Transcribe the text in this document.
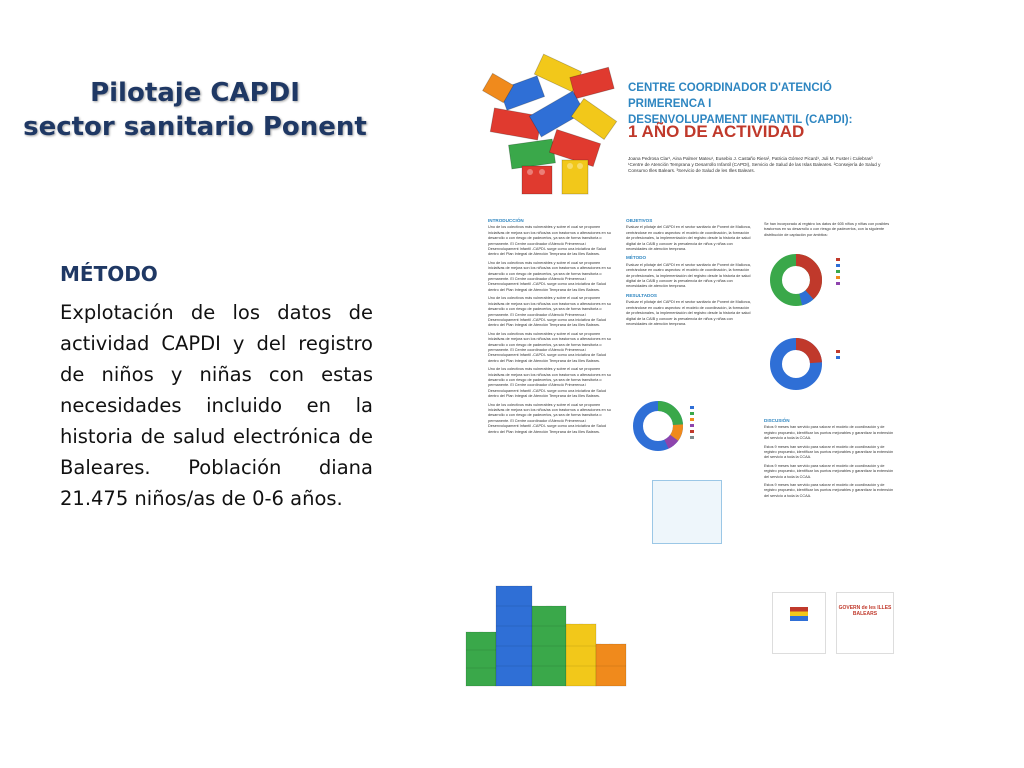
Pilotaje CAPDI
sector sanitario Ponent
MÉTODO
Explotación de los datos de actividad CAPDI y del registro de niños y niñas con estas necesidades incluido en la historia de salud electrónica de Baleares. Población diana 21.475 niños/as de 0-6 años.
CENTRE COORDINADOR D'ATENCIÓ PRIMERENCA I
DESENVOLUPAMENT INFANTIL (CAPDI):
1 AÑO DE ACTIVIDAD
Joana Pedrosa Clar¹, Aina Palmer Mateu¹, Eusebio J. Castaño Riera², Patricia Gómez Picard¹, Juli M. Fuster i Culebras³
¹Centre de Atención Temprana y Desarrollo Infantil (CAPDI), Servicio de Salud de las Islas Baleares. ²Consejería de Salud y Consumo Illes Balears. ³Servicio de Salud de les Illes Balears.
INTRODUCCIÓN

Uno de los colectivos más vulnerables y sobre el cual se proponen iniciativas de mejora son los niños/as con trastornos o alteraciones en su desarrollo o con riesgo de padecerlos, ya sea de forma transitoria o permanente. El Centre coordinador d'Atenció Primerenca i Desenvolupament Infantil -CAPDI- surge como una iniciativa de Salud dentro del Plan Integral de Atención Temprana de las Illes Balears.

Uno de los colectivos más vulnerables y sobre el cual se proponen iniciativas de mejora son los niños/as con trastornos o alteraciones en su desarrollo o con riesgo de padecerlos, ya sea de forma transitoria o permanente. El Centre coordinador d'Atenció Primerenca i Desenvolupament Infantil -CAPDI- surge como una iniciativa de Salud dentro del Plan Integral de Atención Temprana de las Illes Balears.

Uno de los colectivos más vulnerables y sobre el cual se proponen iniciativas de mejora son los niños/as con trastornos o alteraciones en su desarrollo o con riesgo de padecerlos, ya sea de forma transitoria o permanente. El Centre coordinador d'Atenció Primerenca i Desenvolupament Infantil -CAPDI- surge como una iniciativa de Salud dentro del Plan Integral de Atención Temprana de las Illes Balears.

Uno de los colectivos más vulnerables y sobre el cual se proponen iniciativas de mejora son los niños/as con trastornos o alteraciones en su desarrollo o con riesgo de padecerlos, ya sea de forma transitoria o permanente. El Centre coordinador d'Atenció Primerenca i Desenvolupament Infantil -CAPDI- surge como una iniciativa de Salud dentro del Plan Integral de Atención Temprana de las Illes Balears.

Uno de los colectivos más vulnerables y sobre el cual se proponen iniciativas de mejora son los niños/as con trastornos o alteraciones en su desarrollo o con riesgo de padecerlos, ya sea de forma transitoria o permanente. El Centre coordinador d'Atenció Primerenca i Desenvolupament Infantil -CAPDI- surge como una iniciativa de Salud dentro del Plan Integral de Atención Temprana de las Illes Balears.

Uno de los colectivos más vulnerables y sobre el cual se proponen iniciativas de mejora son los niños/as con trastornos o alteraciones en su desarrollo o con riesgo de padecerlos, ya sea de forma transitoria o permanente. El Centre coordinador d'Atenció Primerenca i Desenvolupament Infantil -CAPDI- surge como una iniciativa de Salud dentro del Plan Integral de Atención Temprana de las Illes Balears.

OBJETIVOS

Evaluar el pilotaje del CAPDI en el sector sanitario de Ponent de Mallorca, centrándose en cuatro aspectos: el modelo de coordinación, la formación de profesionales, la implementación del registro desde la historia de salud digital de la CAIB y conocer la prevalencia de niños y niñas con necesidades de atención temprana.

MÉTODO

Evaluar el pilotaje del CAPDI en el sector sanitario de Ponent de Mallorca, centrándose en cuatro aspectos: el modelo de coordinación, la formación de profesionales, la implementación del registro desde la historia de salud digital de la CAIB y conocer la prevalencia de niños y niñas con necesidades de atención temprana.

RESULTADOS

Evaluar el pilotaje del CAPDI en el sector sanitario de Ponent de Mallorca, centrándose en cuatro aspectos: el modelo de coordinación, la formación de profesionales, la implementación del registro desde la historia de salud digital de la CAIB y conocer la prevalencia de niños y niñas con necesidades de atención temprana.

Se han incorporado al registro los datos de 605 niños y niñas con posibles trastornos en su desarrollo o con riesgo de padecerlos, con la siguiente distribución de captación por ámbitos:

DISCUSIÓN

Estos 9 meses han servido para valorar el modelo de coordinación y de registro propuesto, identificar los puntos mejorables y garantizar la extensión del servicio a toda la CCAA.

Estos 9 meses han servido para valorar el modelo de coordinación y de registro propuesto, identificar los puntos mejorables y garantizar la extensión del servicio a toda la CCAA.

Estos 9 meses han servido para valorar el modelo de coordinación y de registro propuesto, identificar los puntos mejorables y garantizar la extensión del servicio a toda la CCAA.

Estos 9 meses han servido para valorar el modelo de coordinación y de registro propuesto, identificar los puntos mejorables y garantizar la extensión del servicio a toda la CCAA.

GOVERN de les ILLES BALEARS
